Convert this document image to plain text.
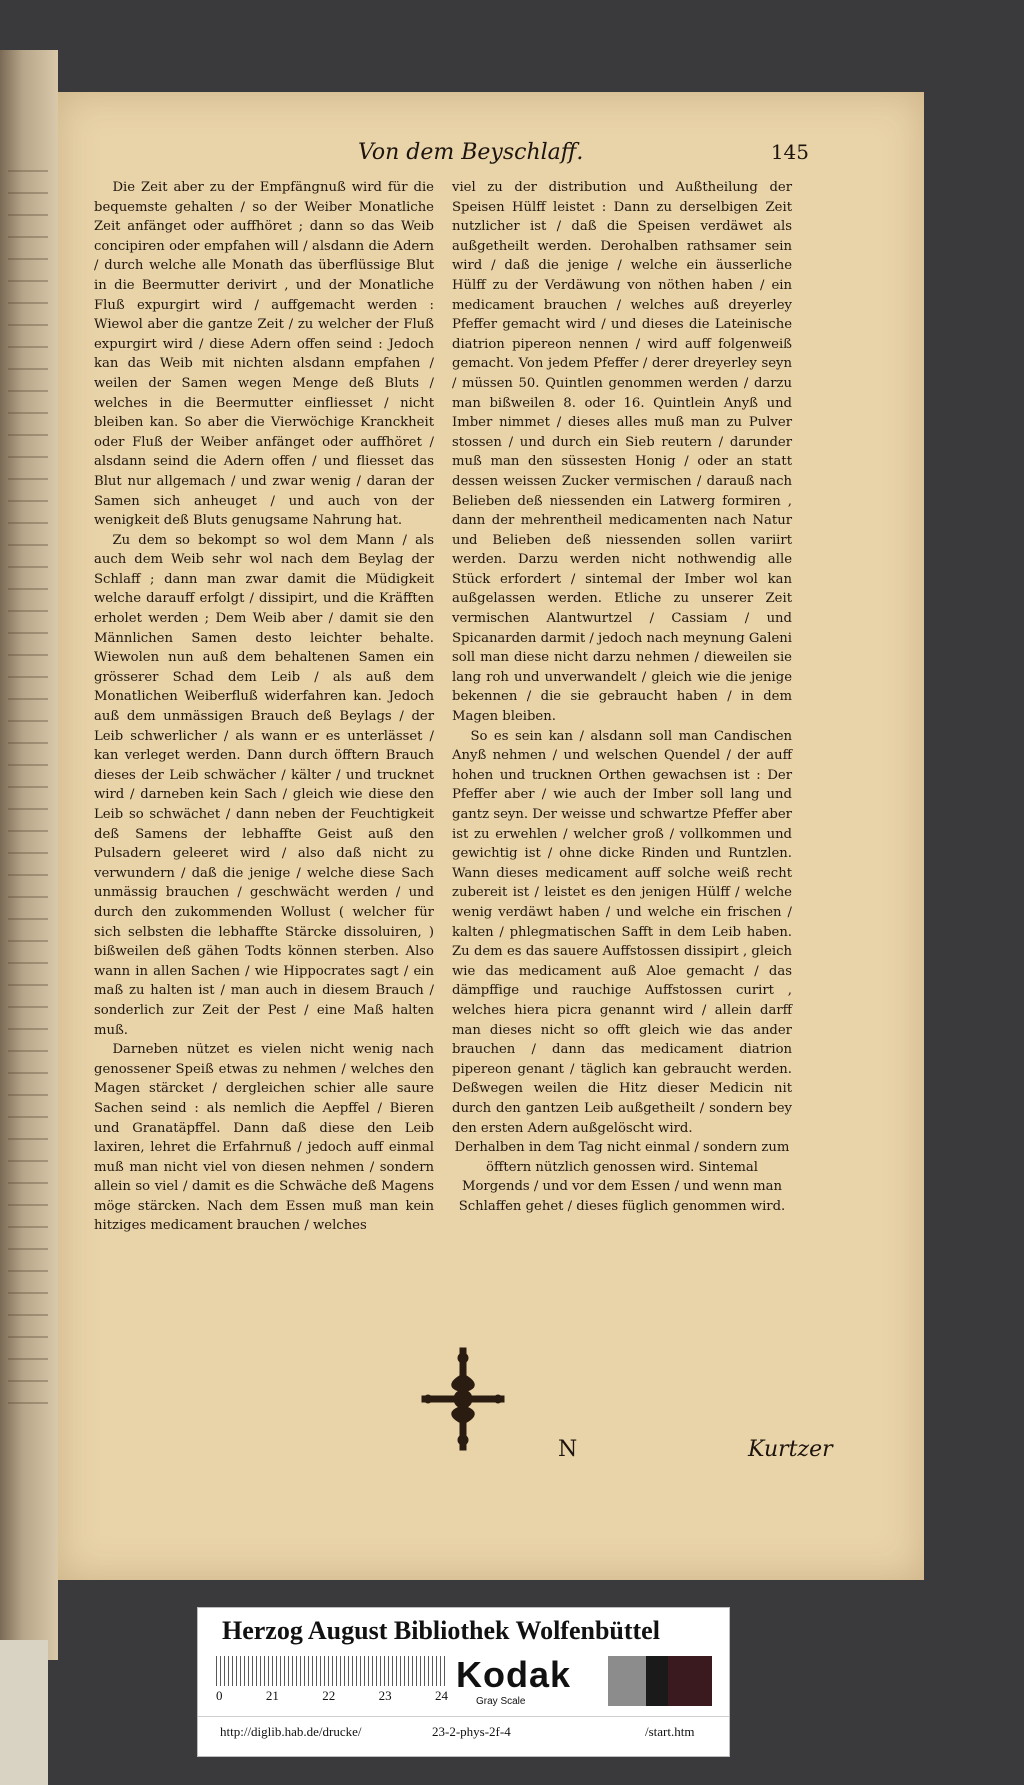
Von dem Beyschlaff.	145

Die Zeit aber zu der Empfängnuß wird für die bequemste gehalten / so der Weiber Monatliche Zeit anfänget oder auffhöret ; dann so das Weib concipiren oder empfahen will / alsdann die Adern / durch welche alle Monath das überflüssige Blut in die Beermutter derivirt , und der Monatliche Fluß expurgirt wird / auffgemacht werden : Wiewol aber die gantze Zeit / zu welcher der Fluß expurgirt wird / diese Adern offen seind : Jedoch kan das Weib mit nichten alsdann empfahen / weilen der Samen wegen Menge deß Bluts / welches in die Beermutter einfliesset / nicht bleiben kan. So aber die Vierwöchige Kranckheit oder Fluß der Weiber anfänget oder auffhöret / alsdann seind die Adern offen / und fliesset das Blut nur allgemach / und zwar wenig / daran der Samen sich anheuget / und auch von der wenigkeit deß Bluts genugsame Nahrung hat.

Zu dem so bekompt so wol dem Mann / als auch dem Weib sehr wol nach dem Beylag der Schlaff ; dann man zwar damit die Müdigkeit welche darauff erfolgt / dissipirt, und die Kräfften erholet werden ; Dem Weib aber / damit sie den Männlichen Samen desto leichter behalte. Wiewolen nun auß dem behaltenen Samen ein grösserer Schad dem Leib / als auß dem Monatlichen Weiberfluß widerfahren kan. Jedoch auß dem unmässigen Brauch deß Beylags / der Leib schwerlicher / als wann er es unterlässet / kan verleget werden. Dann durch öfftern Brauch dieses der Leib schwächer / kälter / und trucknet wird / darneben kein Sach / gleich wie diese den Leib so schwächet / dann neben der Feuchtigkeit deß Samens der lebhaffte Geist auß den Pulsadern geleeret wird / also daß nicht zu verwundern / daß die jenige / welche diese Sach unmässig brauchen / geschwächt werden / und durch den zukommenden Wollust ( welcher für sich selbsten die lebhaffte Stärcke dissoluiren, ) bißweilen deß gähen Todts können sterben. Also wann in allen Sachen / wie Hippocrates sagt / ein maß zu halten ist / man auch in diesem Brauch / sonderlich zur Zeit der Pest / eine Maß halten muß.

Darneben nützet es vielen nicht wenig nach genossener Speiß etwas zu nehmen / welches den Magen stärcket / dergleichen schier alle saure Sachen seind : als nemlich die Aepffel / Bieren und Granatäpffel. Dann daß diese den Leib laxiren, lehret die Erfahrnuß / jedoch auff einmal muß man nicht viel von diesen nehmen / sondern allein so viel / damit es die Schwäche deß Magens möge stärcken. Nach dem Essen muß man kein hitziges medicament brauchen / welches

viel zu der distribution und Außtheilung der Speisen Hülff leistet : Dann zu derselbigen Zeit nutzlicher ist / daß die Speisen verdäwet als außgetheilt werden. Derohalben rathsamer sein wird / daß die jenige / welche ein äusserliche Hülff zu der Verdäwung von nöthen haben / ein medicament brauchen / welches auß dreyerley Pfeffer gemacht wird / und dieses die Lateinische diatrion pipereon nennen / wird auff folgenweiß gemacht. Von jedem Pfeffer / derer dreyerley seyn / müssen 50. Quintlen genommen werden / darzu man bißweilen 8. oder 16. Quintlein Anyß und Imber nimmet / dieses alles muß man zu Pulver stossen / und durch ein Sieb reutern / darunder muß man den süssesten Honig / oder an statt dessen weissen Zucker vermischen / darauß nach Belieben deß niessenden ein Latwerg formiren , dann der mehrentheil medicamenten nach Natur und Belieben deß niessenden sollen variirt werden. Darzu werden nicht nothwendig alle Stück erfordert / sintemal der Imber wol kan außgelassen werden. Etliche zu unserer Zeit vermischen Alantwurtzel / Cassiam / und Spicanarden darmit / jedoch nach meynung Galeni soll man diese nicht darzu nehmen / dieweilen sie lang roh und unverwandelt / gleich wie die jenige bekennen / die sie gebraucht haben / in dem Magen bleiben.

So es sein kan / alsdann soll man Candischen Anyß nehmen / und welschen Quendel / der auff hohen und trucknen Orthen gewachsen ist : Der Pfeffer aber / wie auch der Imber soll lang und gantz seyn. Der weisse und schwartze Pfeffer aber ist zu erwehlen / welcher groß / vollkommen und gewichtig ist / ohne dicke Rinden und Runtzlen. Wann dieses medicament auff solche weiß recht zubereit ist / leistet es den jenigen Hülff / welche wenig verdäwt haben / und welche ein frischen / kalten / phlegmatischen Safft in dem Leib haben. Zu dem es das sauere Auffstossen dissipirt , gleich wie das medicament auß Aloe gemacht / das dämpffige und rauchige Auffstossen curirt , welches hiera picra genannt wird / allein darff man dieses nicht so offt gleich wie das ander brauchen / dann das medicament diatrion pipereon genant / täglich kan gebraucht werden. Deßwegen weilen die Hitz dieser Medicin nit durch den gantzen Leib außgetheilt / sondern bey den ersten Adern außgelöscht wird.

Derhalben in dem Tag nicht einmal / sondern zum öfftern nützlich genossen wird. Sintemal Morgends / und vor dem Essen / und wenn man Schlaffen gehet / dieses füglich genommen wird.

N	Kurtzer
Herzog August Bibliothek Wolfenbüttel
0	21	22	23	24
Kodak
Gray Scale
http://diglib.hab.de/drucke/	23-2-phys-2f-4	/start.htm
